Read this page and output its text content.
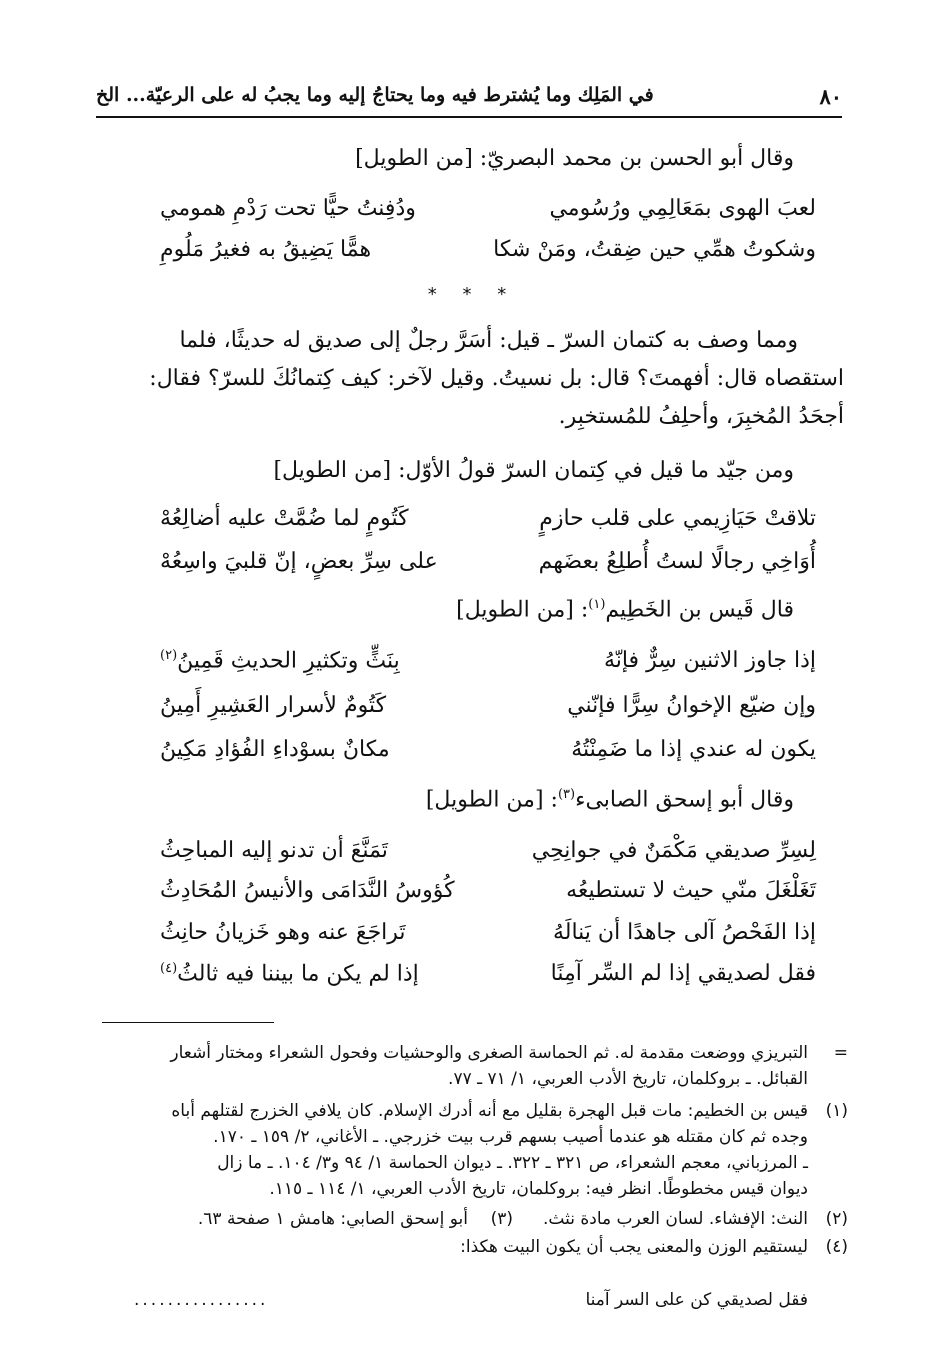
٨٠
في المَلِك وما يُشترط فيه وما يحتاجُ إليه وما يجبُ له على الرعيّة... الخ
وقال أبو الحسن بن محمد البصريّ: [من الطويل]
لعبَ الهوى بمَعَالِمِي ورُسُومي
ودُفِنتُ حيًّا تحت رَدْمِ همومي
وشكوتُ همِّي حين ضِقتُ، ومَنْ شكا
همًّا يَضِيقُ به فغيرُ مَلُومِ
* * *
ومما وصف به كتمان السرّ ـ قيل: أسَرَّ رجلٌ إلى صديق له حديثًا، فلما
استقصاه قال: أفهمتَ؟ قال: بل نسيتُ. وقيل لآخر: كيف كِتمانُكَ للسرّ؟ فقال:
أجحَدُ المُخبِرَ، وأحلِفُ للمُستخبِر.
ومن جيّد ما قيل في كِتمان السرّ قولُ الأوّل: [من الطويل]
تلاقتْ حَيَازِيمي على قلب حازمٍ
كَتُومٍ لما ضُمَّتْ عليه أضالِعُهْ
أُوَاخِي رجالًا لستُ أُطلِعُ بعضَهم
على سِرِّ بعضٍ، إنّ قلبيَ واسِعُهْ
قال قَيس بن الخَطِيم$^{(١)}$: [من الطويل]
إذا جاوز الاثنين سِرٌّ فإنّهُ
بِنَثٍّ وتكثيرِ الحديثِ قَمِينُ$^{(٢)}$
وإن ضيّع الإخوانُ سِرًّا فإنّني
كَتُومٌ لأسرار العَشِيرِ أَمِينُ
يكون له عندي إذا ما ضَمِنْتُهُ
مكانٌ بسوْداءِ الفُؤادِ مَكِينُ
وقال أبو إسحق الصابىء$^{(٣)}$: [من الطويل]
لِسِرِّ صديقي مَكْمَنٌ في جوانِحِي
تَمَنَّعَ أن تدنو إليه المباحِثُ
تَغَلْغَلَ منّي حيث لا تستطيعُه
كُؤوسُ النَّدَامَى والأنيسُ المُحَادِثُ
إذا الفَحْصُ آلى جاهدًا أن يَنالَهُ
تَراجَعَ عنه وهو خَزيانُ حانِثُ
فقل لصديقي إذا لم السِّر آمِنًا
إذا لم يكن ما بيننا فيه ثالثُ$^{(٤)}$
=
التبريزي ووضعت مقدمة له. ثم الحماسة الصغرى والوحشيات وفحول الشعراء ومختار أشعار
القبائل. ـ بروكلمان، تاريخ الأدب العربي، ١/ ٧١ ـ ٧٧.
(١)
قيس بن الخطيم: مات قبل الهجرة بقليل مع أنه أدرك الإسلام. كان يلافي الخزرج لقتلهم أباه
وجده ثم كان مقتله هو عندما أصيب بسهم قرب بيت خزرجي. ـ الأغاني، ٢/ ١٥٩ ـ ١٧٠.
ـ المرزباني، معجم الشعراء، ص ٣٢١ ـ ٣٢٢. ـ ديوان الحماسة ١/ ٩٤ و٣/ ١٠٤. ـ ما زال
ديوان قيس مخطوطًا. انظر فيه: بروكلمان، تاريخ الأدب العربي، ١/ ١١٤ ـ ١١٥.
(٢)
النث: الإفشاء. لسان العرب مادة نثث.
(٣)
أبو إسحق الصابي: هامش ١ صفحة ٦٣.
(٤)
ليستقيم الوزن والمعنى يجب أن يكون البيت هكذا:
فقل لصديقي كن على السر آمنا
................
